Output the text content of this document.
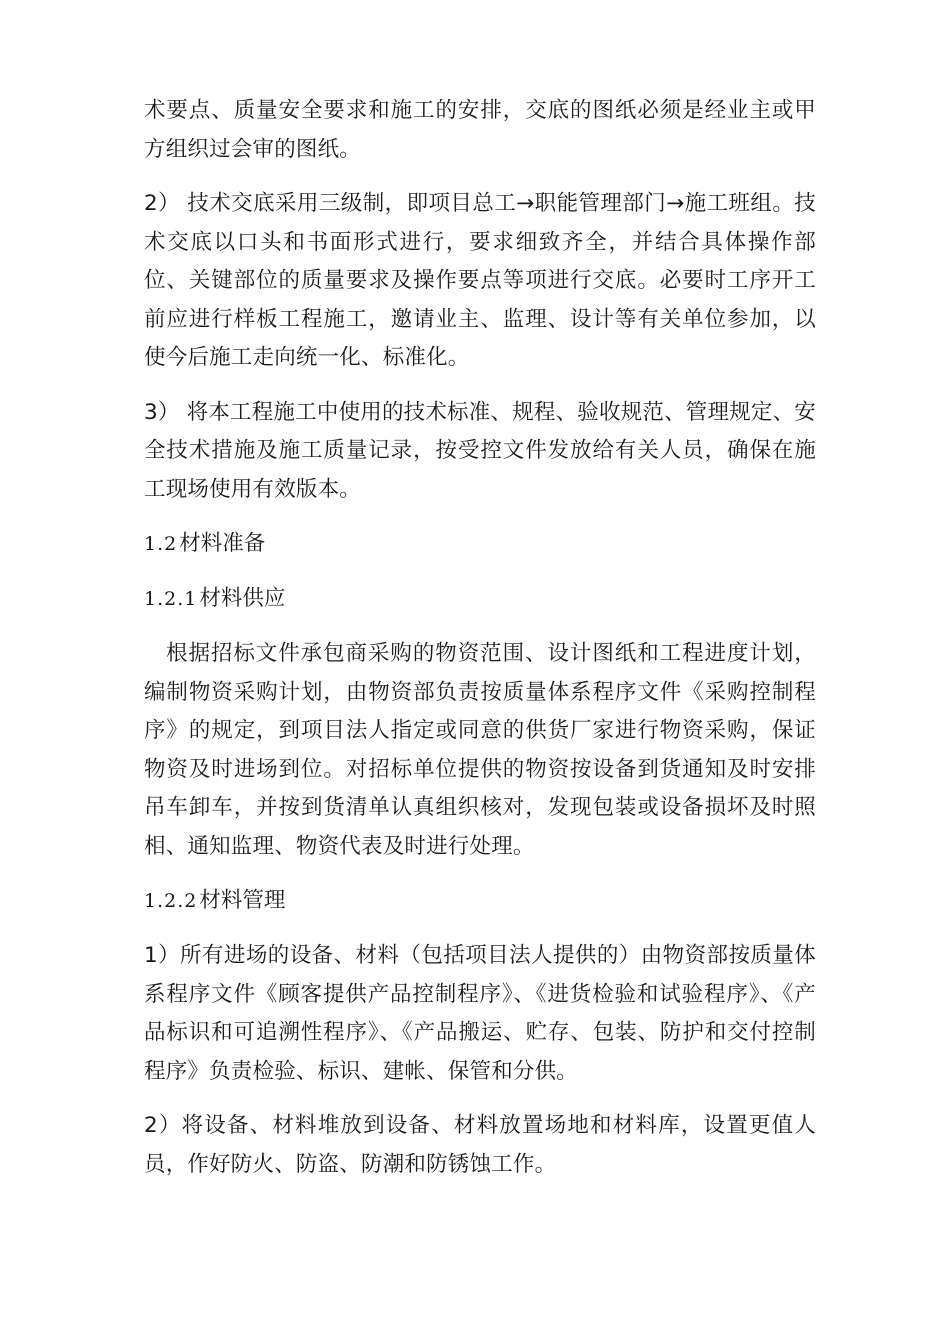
术要点、质量安全要求和施工的安排，交底的图纸必须是经业主或甲方组织过会审的图纸。

2） 技术交底采用三级制，即项目总工→职能管理部门→施工班组。技术交底以口头和书面形式进行，要求细致齐全，并结合具体操作部位、关键部位的质量要求及操作要点等项进行交底。必要时工序开工前应进行样板工程施工，邀请业主、监理、设计等有关单位参加，以使今后施工走向统一化、标准化。

3） 将本工程施工中使用的技术标准、规程、验收规范、管理规定、安全技术措施及施工质量记录，按受控文件发放给有关人员，确保在施工现场使用有效版本。

1.2材料准备
1.2.1材料供应

根据招标文件承包商采购的物资范围、设计图纸和工程进度计划，编制物资采购计划，由物资部负责按质量体系程序文件《采购控制程序》的规定，到项目法人指定或同意的供货厂家进行物资采购，保证物资及时进场到位。对招标单位提供的物资按设备到货通知及时安排吊车卸车，并按到货清单认真组织核对，发现包装或设备损坏及时照相、通知监理、物资代表及时进行处理。

1.2.2材料管理

1）所有进场的设备、材料（包括项目法人提供的）由物资部按质量体系程序文件《顾客提供产品控制程序》、《进货检验和试验程序》、《产品标识和可追溯性程序》、《产品搬运、贮存、包装、防护和交付控制程序》负责检验、标识、建帐、保管和分供。

2）将设备、材料堆放到设备、材料放置场地和材料库，设置更值人员，作好防火、防盗、防潮和防锈蚀工作。
